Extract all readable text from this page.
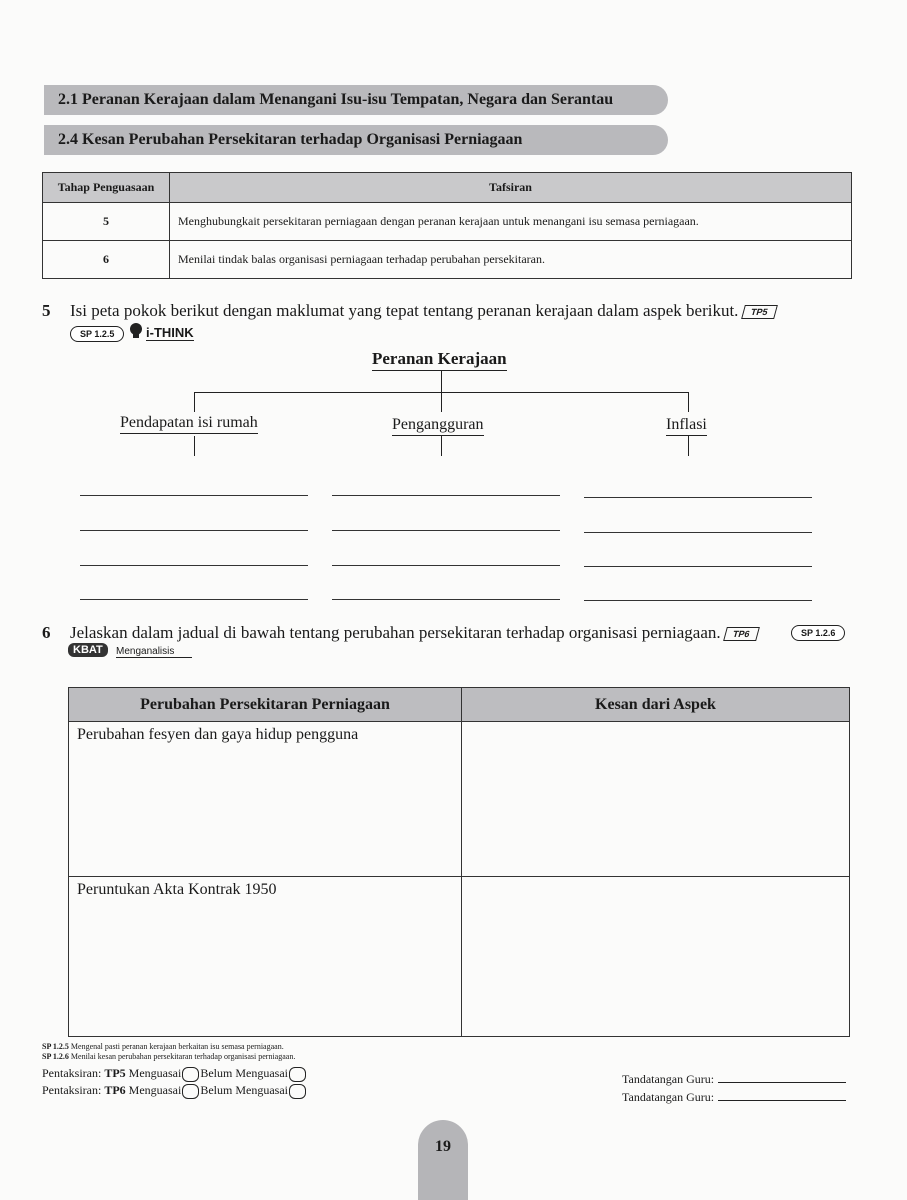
2.1 Peranan Kerajaan dalam Menangani Isu-isu Tempatan, Negara dan Serantau
2.4 Kesan Perubahan Persekitaran terhadap Organisasi Perniagaan
Tahap Penguasaan	Tafsiran
5	Menghubungkait persekitaran perniagaan dengan peranan kerajaan untuk menangani isu semasa perniagaan.
6	Menilai tindak balas organisasi perniagaan terhadap perubahan persekitaran.
5 Isi peta pokok berikut dengan maklumat yang tepat tentang peranan kerajaan dalam aspek berikut. TP5
SP 1.2.5	i-THINK
Peranan Kerajaan
Pendapatan isi rumah	Pengangguran	Inflasi
6 Jelaskan dalam jadual di bawah tentang perubahan persekitaran terhadap organisasi perniagaan. TP6	SP 1.2.6
KBAT	Menganalisis
Perubahan Persekitaran Perniagaan	Kesan dari Aspek
Perubahan fesyen dan gaya hidup pengguna	
Peruntukan Akta Kontrak 1950	
SP 1.2.5 Mengenal pasti peranan kerajaan berkaitan isu semasa perniagaan.
SP 1.2.6 Menilai kesan perubahan persekitaran terhadap organisasi perniagaan.
Pentaksiran: TP5 Menguasai Belum Menguasai
Pentaksiran: TP6 Menguasai Belum Menguasai
Tandatangan Guru:
Tandatangan Guru:
19
